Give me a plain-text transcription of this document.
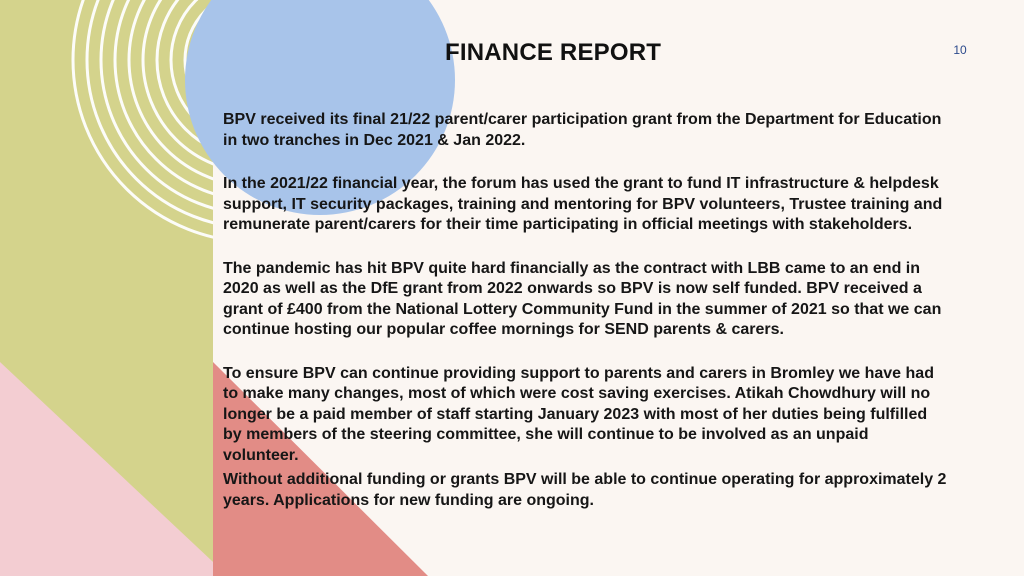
10
FINANCE REPORT

BPV received its final 21/22 parent/carer participation grant from the Department for Education in two tranches in Dec 2021 & Jan 2022.

In the 2021/22 financial year, the forum has used the grant to fund IT infrastructure & helpdesk support, IT security packages, training and mentoring for BPV volunteers, Trustee training and remunerate parent/carers for their time participating in official meetings with stakeholders.

The pandemic has hit BPV quite hard financially as the contract with LBB came to an end in 2020 as well as the DfE grant from 2022 onwards so BPV is now self funded. BPV received a grant of £400 from the National Lottery Community Fund in the summer of 2021 so that we can continue hosting our popular coffee mornings for SEND parents & carers.

To ensure BPV can continue providing support to parents and carers in Bromley we have had to make many changes, most of which were cost saving exercises. Atikah Chowdhury will no longer be a paid member of staff starting January 2023 with most of her duties being fulfilled by members of the steering committee, she will continue to be involved as an unpaid volunteer.

Without additional funding or grants BPV will be able to continue operating for approximately 2 years. Applications for new funding are ongoing.
